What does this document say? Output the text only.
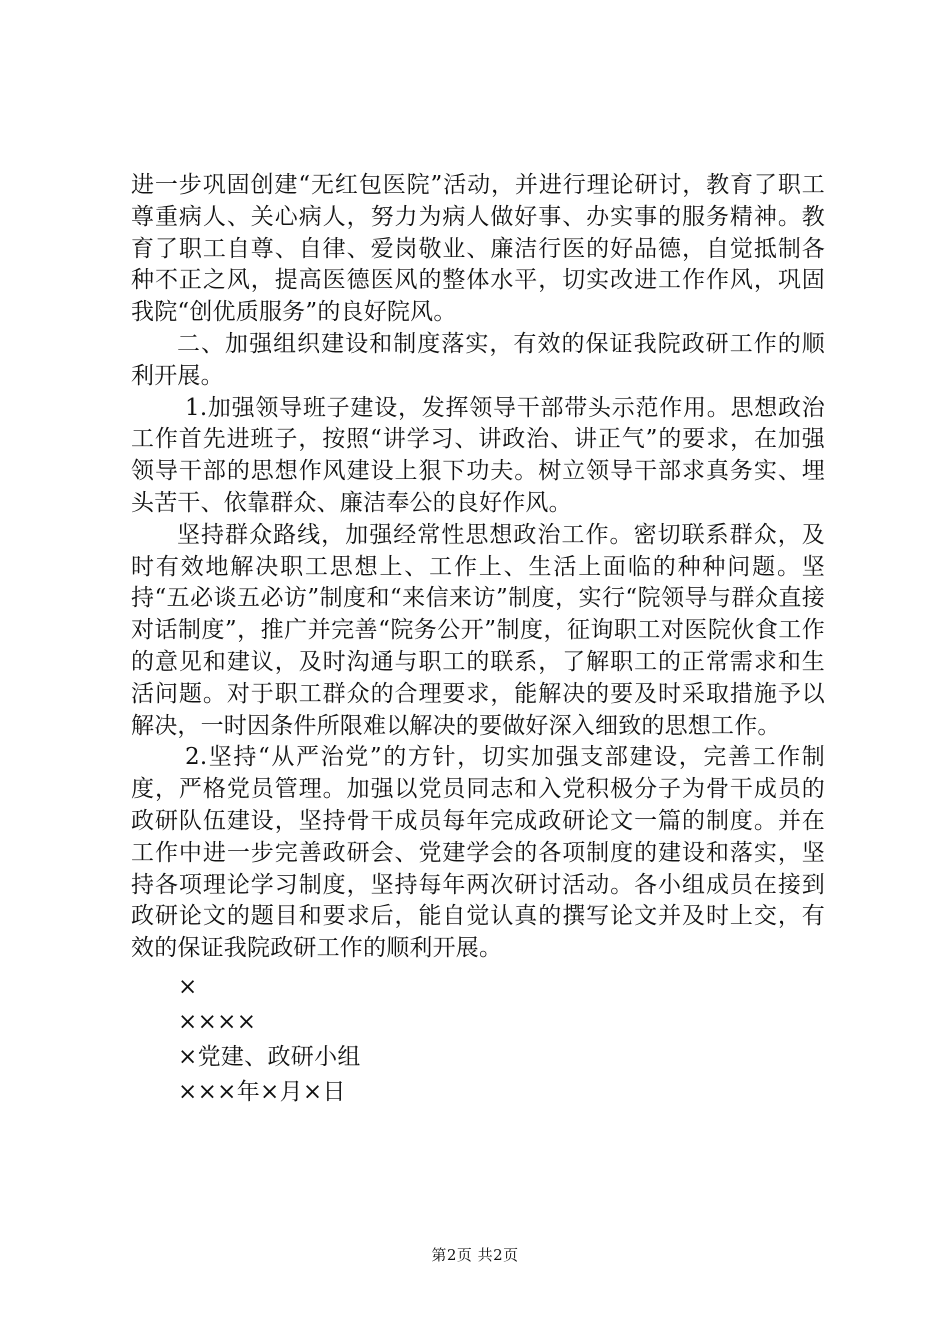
进一步巩固创建“无红包医院”活动，并进行理论研讨，教育了职工尊重病人、关心病人，努力为病人做好事、办实事的服务精神。教育了职工自尊、自律、爱岗敬业、廉洁行医的好品德，自觉抵制各种不正之风，提高医德医风的整体水平，切实改进工作作风，巩固我院“创优质服务”的良好院风。

二、加强组织建设和制度落实，有效的保证我院政研工作的顺利开展。

1.加强领导班子建设，发挥领导干部带头示范作用。思想政治工作首先进班子，按照“讲学习、讲政治、讲正气”的要求，在加强领导干部的思想作风建设上狠下功夫。树立领导干部求真务实、埋头苦干、依靠群众、廉洁奉公的良好作风。

坚持群众路线，加强经常性思想政治工作。密切联系群众，及时有效地解决职工思想上、工作上、生活上面临的种种问题。坚持“五必谈五必访”制度和“来信来访”制度，实行“院领导与群众直接对话制度”，推广并完善“院务公开”制度，征询职工对医院伙食工作的意见和建议，及时沟通与职工的联系，了解职工的正常需求和生活问题。对于职工群众的合理要求，能解决的要及时采取措施予以解决，一时因条件所限难以解决的要做好深入细致的思想工作。

2.坚持“从严治党”的方针，切实加强支部建设，完善工作制度，严格党员管理。加强以党员同志和入党积极分子为骨干成员的政研队伍建设，坚持骨干成员每年完成政研论文一篇的制度。并在工作中进一步完善政研会、党建学会的各项制度的建设和落实，坚持各项理论学习制度，坚持每年两次研讨活动。各小组成员在接到政研论文的题目和要求后，能自觉认真的撰写论文并及时上交，有效的保证我院政研工作的顺利开展。

×

××××

×党建、政研小组

×××年×月×日

第2页 共2页
